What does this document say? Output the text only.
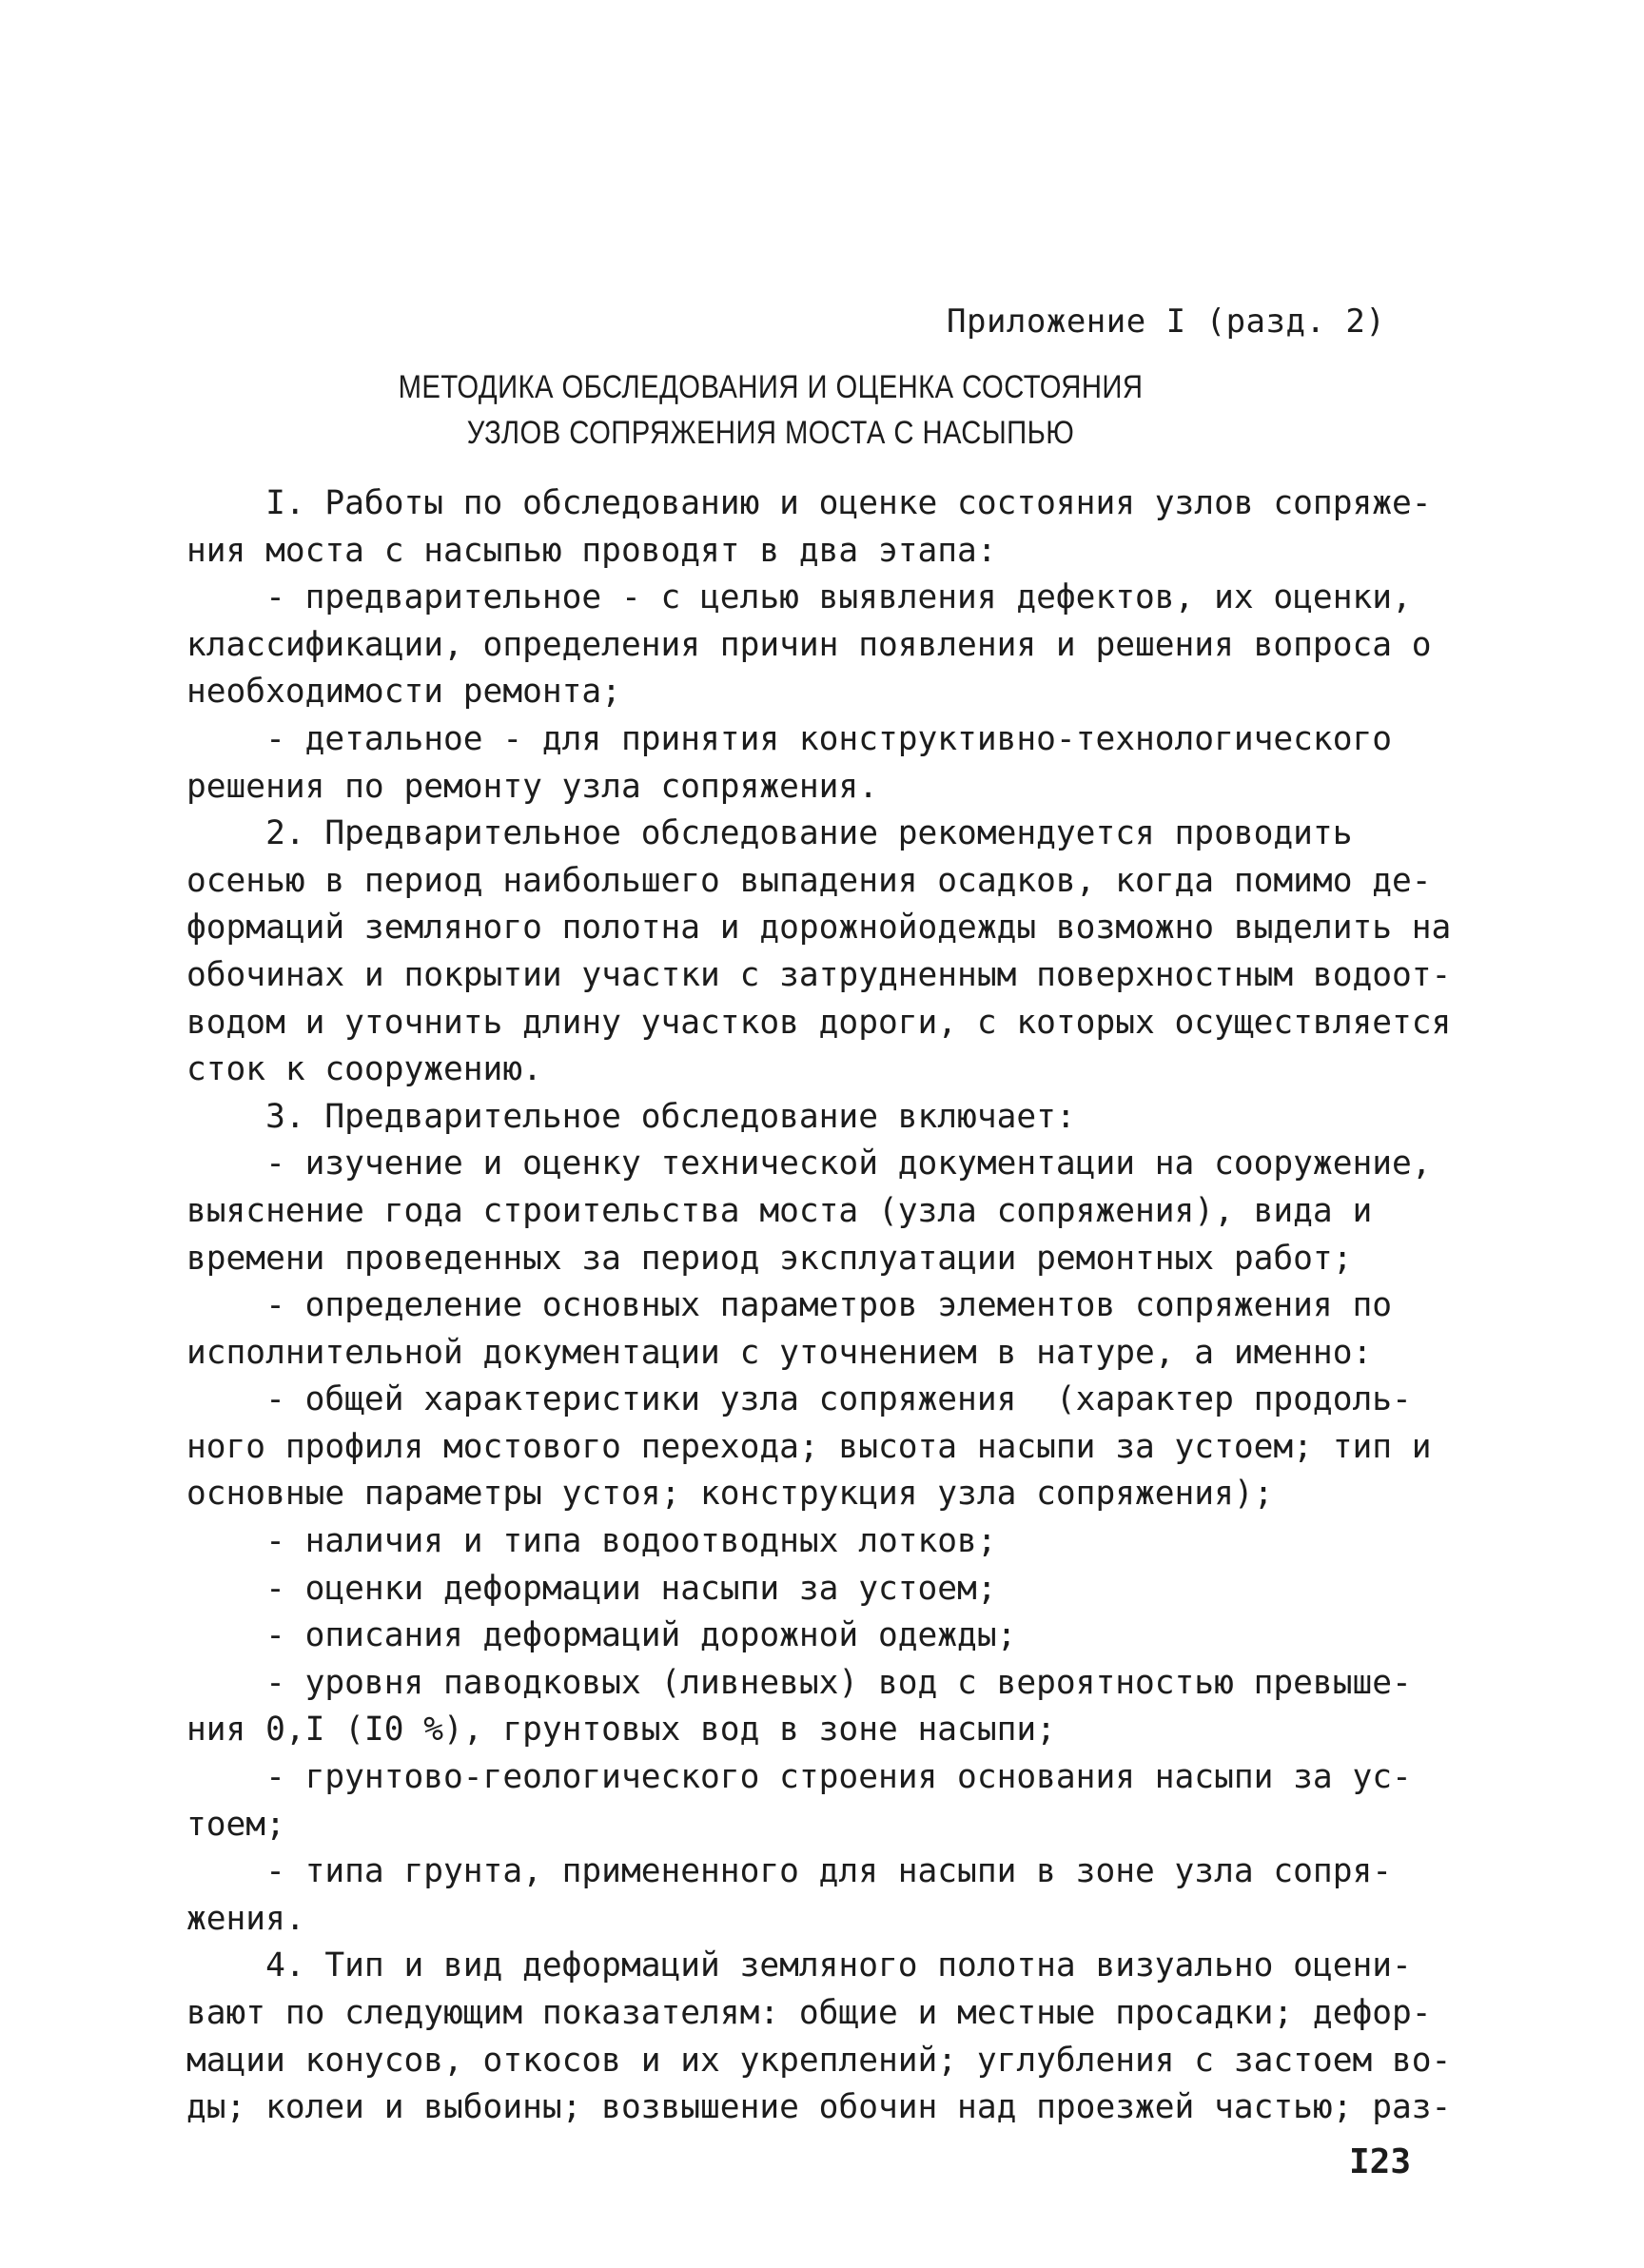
Приложение I (разд. 2)
МЕТОДИКА ОБСЛЕДОВАНИЯ И ОЦЕНКА СОСТОЯНИЯ
УЗЛОВ СОПРЯЖЕНИЯ МОСТА С НАСЫПЬЮ
I. Работы по обследованию и оценке состояния узлов сопряже-
ния моста с насыпью проводят в два этапа:
- предварительное - с целью выявления дефектов, их оценки,
классификации, определения причин появления и решения вопроса о
необходимости ремонта;
- детальное - для принятия конструктивно-технологического
решения по ремонту узла сопряжения.
2. Предварительное обследование рекомендуется проводить
осенью в период наибольшего выпадения осадков, когда помимо де-
формаций земляного полотна и дорожнойодежды возможно выделить на
обочинах и покрытии участки с затрудненным поверхностным водоот-
водом и уточнить длину участков дороги, с которых осуществляется
сток к сооружению.
3. Предварительное обследование включает:
- изучение и оценку технической документации на сооружение,
выяснение года строительства моста (узла сопряжения), вида и
времени проведенных за период эксплуатации ремонтных работ;
- определение основных параметров элементов сопряжения по
исполнительной документации с уточнением в натуре, а именно:
- общей характеристики узла сопряжения  (характер продоль-
ного профиля мостового перехода; высота насыпи за устоем; тип и
основные параметры устоя; конструкция узла сопряжения);
- наличия и типа водоотводных лотков;
- оценки деформации насыпи за устоем;
- описания деформаций дорожной одежды;
- уровня паводковых (ливневых) вод с вероятностью превыше-
ния 0,I (I0 %), грунтовых вод в зоне насыпи;
- грунтово-геологического строения основания насыпи за ус-
тоем;
- типа грунта, примененного для насыпи в зоне узла сопря-
жения.
4. Тип и вид деформаций земляного полотна визуально оцени-
вают по следующим показателям: общие и местные просадки; дефор-
мации конусов, откосов и их укреплений; углубления с застоем во-
ды; колеи и выбоины; возвышение обочин над проезжей частью; раз-
I23
